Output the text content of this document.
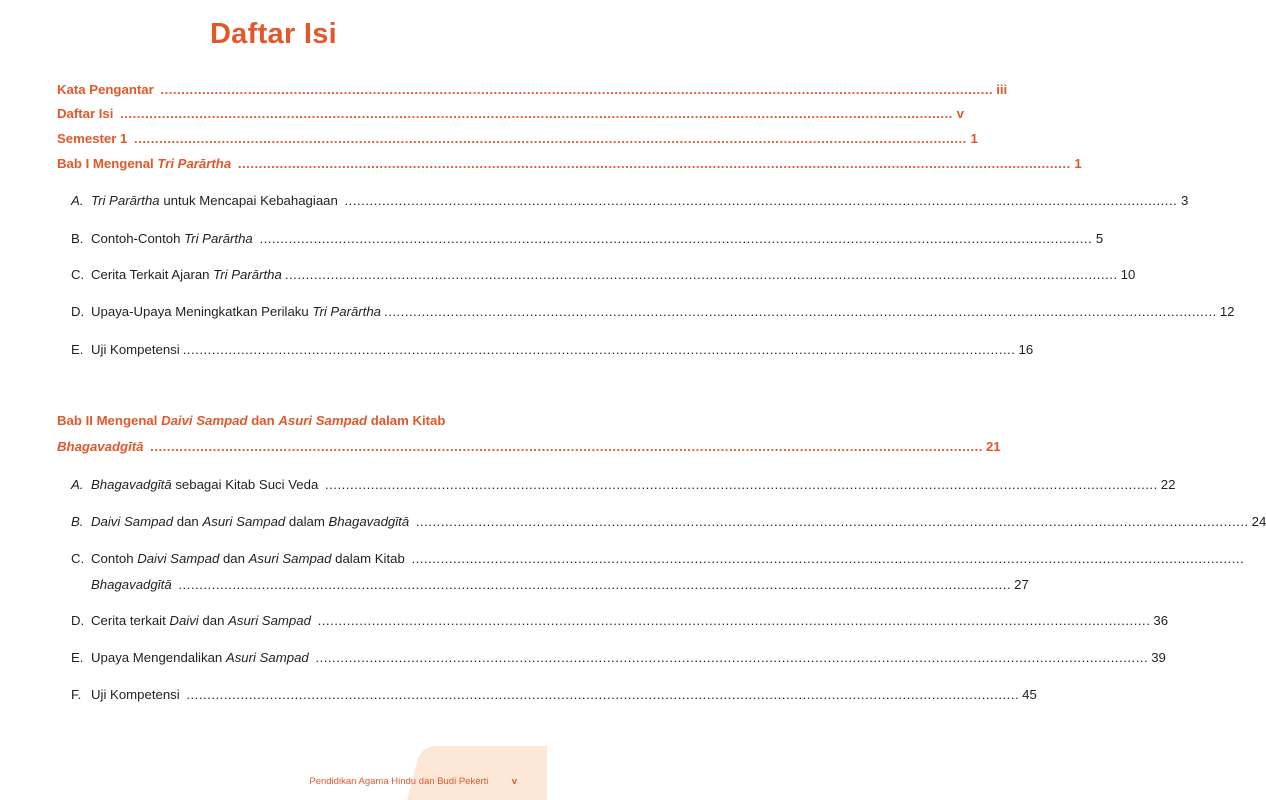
Daftar Isi
Kata Pengantar ........................................................................................................................................................................................................ iii
Daftar Isi ........................................................................................................................................................................................................ v
Semester 1 ........................................................................................................................................................................................................ 1
Bab I Mengenal Tri Parārtha ........................................................................................................................................................................................................ 1
A. Tri Parārtha untuk Mencapai Kebahagiaan ........................................................................................................................................................................................................ 3
B. Contoh-Contoh Tri Parārtha ........................................................................................................................................................................................................ 5
C. Cerita Terkait Ajaran Tri Parārtha ........................................................................................................................................................................................................ 10
D. Upaya-Upaya Meningkatkan Perilaku Tri Parārtha ........................................................................................................................................................................................................ 12
E. Uji Kompetensi ........................................................................................................................................................................................................ 16
Bab II Mengenal Daivi Sampad dan Asuri Sampad dalam Kitab
Bhagavadgītā ........................................................................................................................................................................................................ 21
A. Bhagavadgītā sebagai Kitab Suci Veda ........................................................................................................................................................................................................ 22
B. Daivi Sampad dan Asuri Sampad dalam Bhagavadgītā ........................................................................................................................................................................................................ 24
C. Contoh Daivi Sampad dan Asuri Sampad dalam Kitab ........................................................................................................................................................................................................
Bhagavadgītā ........................................................................................................................................................................................................ 27
D. Cerita terkait Daivi dan Asuri Sampad ........................................................................................................................................................................................................ 36
E. Upaya Mengendalikan Asuri Sampad ........................................................................................................................................................................................................ 39
F. Uji Kompetensi ........................................................................................................................................................................................................ 45
Pendidikan Agama Hindu dan Budi Pekerti v
